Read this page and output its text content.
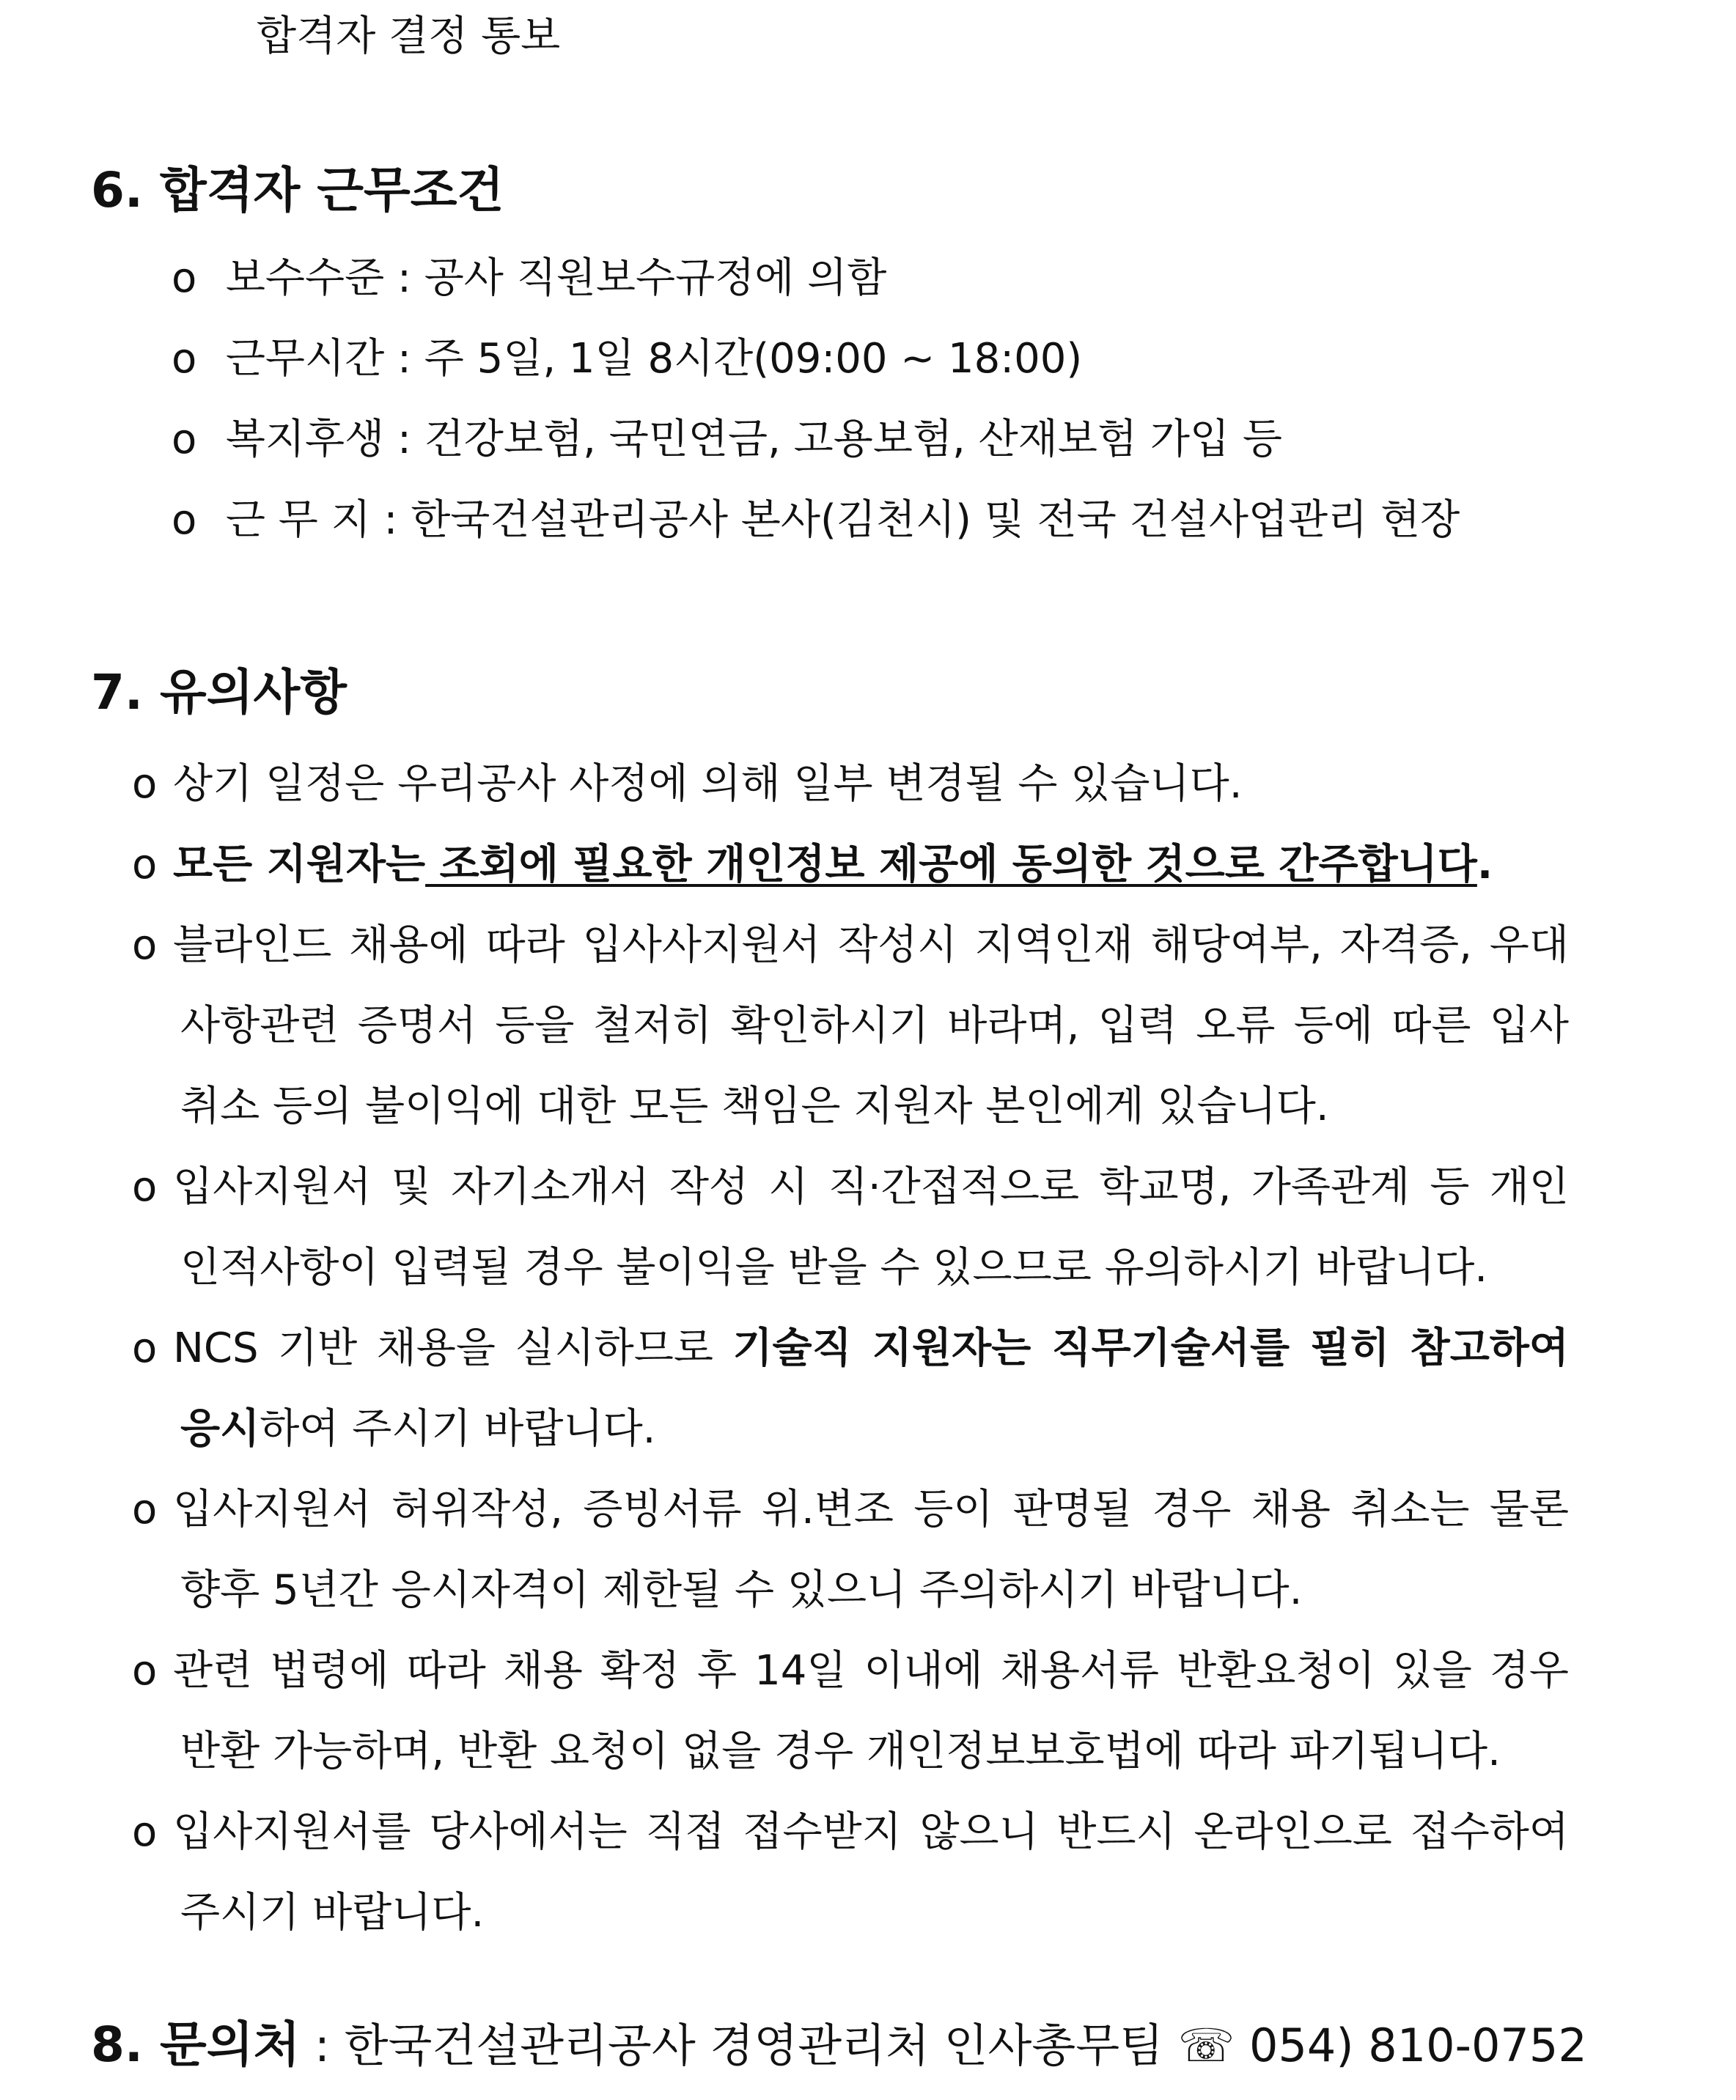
합격자 결정 통보
6. 합격자 근무조건
o 보수수준 : 공사 직원보수규정에 의함
o 근무시간 : 주 5일, 1일 8시간(09:00 ~ 18:00)
o 복지후생 : 건강보험, 국민연금, 고용보험, 산재보험 가입 등
o 근 무 지 : 한국건설관리공사 본사(김천시) 및 전국 건설사업관리 현장
7. 유의사항
o 상기 일정은 우리공사 사정에 의해 일부 변경될 수 있습니다.
o 모든 지원자는 조회에 필요한 개인정보 제공에 동의한 것으로 간주합니다.
o 블라인드 채용에 따라 입사사지원서 작성시 지역인재 해당여부, 자격증, 우대
사항관련 증명서 등을 철저히 확인하시기 바라며, 입력 오류 등에 따른 입사
취소 등의 불이익에 대한 모든 책임은 지원자 본인에게 있습니다.
o 입사지원서 및 자기소개서 작성 시 직·간접적으로 학교명, 가족관계 등 개인
인적사항이 입력될 경우 불이익을 받을 수 있으므로 유의하시기 바랍니다.
o NCS 기반 채용을 실시하므로 기술직 지원자는 직무기술서를 필히 참고하여
응시하여 주시기 바랍니다.
o 입사지원서 허위작성, 증빙서류 위.변조 등이 판명될 경우 채용 취소는 물론
향후 5년간 응시자격이 제한될 수 있으니 주의하시기 바랍니다.
o 관련 법령에 따라 채용 확정 후 14일 이내에 채용서류 반환요청이 있을 경우
반환 가능하며, 반환 요청이 없을 경우 개인정보보호법에 따라 파기됩니다.
o 입사지원서를 당사에서는 직접 접수받지 않으니 반드시 온라인으로 접수하여
주시기 바랍니다.
8. 문의처 : 한국건설관리공사 경영관리처 인사총무팀 ☏ 054) 810-0752
